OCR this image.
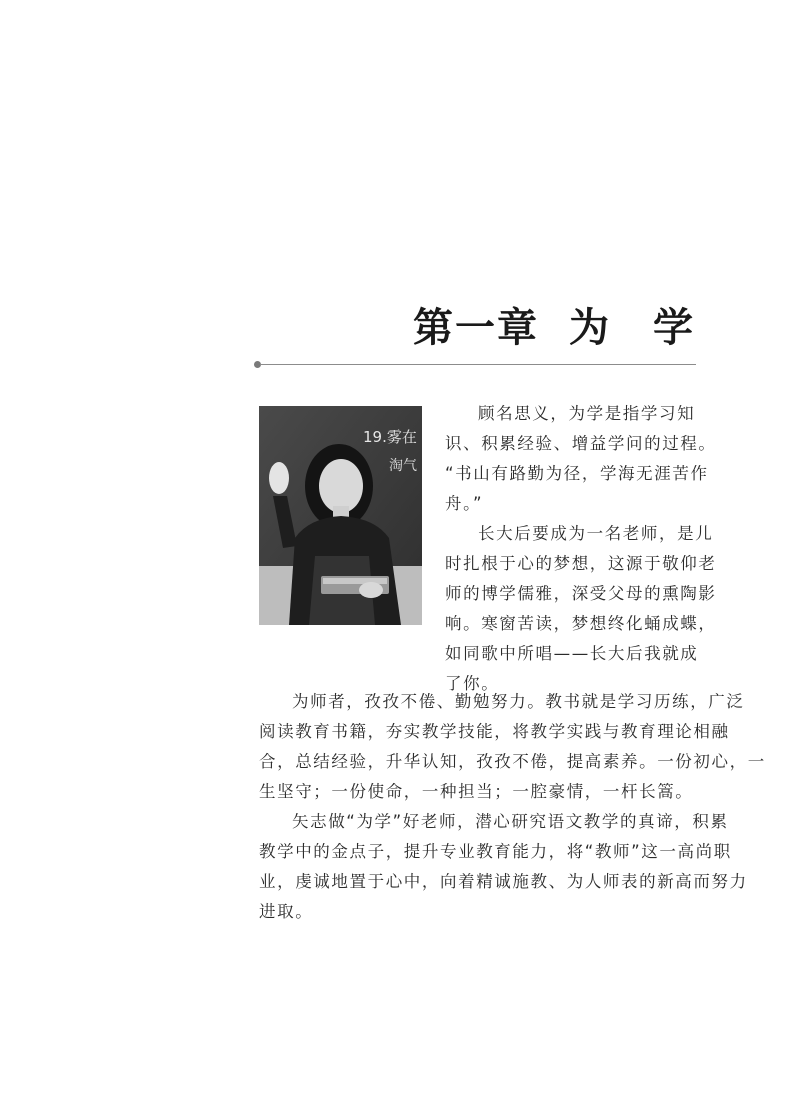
第一章 为　学
19.雾在
淘气
顾名思义，为学是指学习知
识、积累经验、增益学问的过程。
“书山有路勤为径，学海无涯苦作
舟。”
长大后要成为一名老师，是儿
时扎根于心的梦想，这源于敬仰老
师的博学儒雅，深受父母的熏陶影
响。寒窗苦读，梦想终化蛹成蝶，
如同歌中所唱——长大后我就成
了你。
为师者，孜孜不倦、勤勉努力。教书就是学习历练，广泛
阅读教育书籍，夯实教学技能，将教学实践与教育理论相融
合，总结经验，升华认知，孜孜不倦，提高素养。一份初心，一
生坚守；一份使命，一种担当；一腔豪情，一杆长篙。
矢志做“为学”好老师，潜心研究语文教学的真谛，积累
教学中的金点子，提升专业教育能力，将“教师”这一高尚职
业，虔诚地置于心中，向着精诚施教、为人师表的新高而努力
进取。
